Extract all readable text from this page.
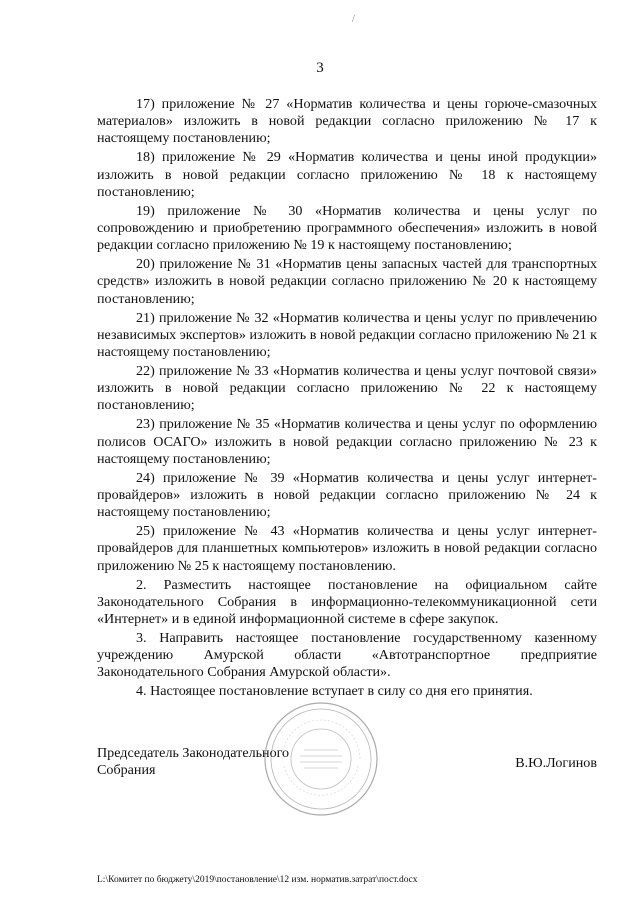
/
3

17) приложение № 27 «Норматив количества и цены горюче-смазочных материалов» изложить в новой редакции согласно приложению № 17 к настоящему постановлению;

18) приложение № 29 «Норматив количества и цены иной продукции» изложить в новой редакции согласно приложению № 18 к настоящему постановлению;

19) приложение № 30 «Норматив количества и цены услуг по сопровождению и приобретению программного обеспечения» изложить в новой редакции согласно приложению № 19 к настоящему постановлению;

20) приложение № 31 «Норматив цены запасных частей для транспортных средств» изложить в новой редакции согласно приложению № 20 к настоящему постановлению;

21) приложение № 32 «Норматив количества и цены услуг по привлечению независимых экспертов» изложить в новой редакции согласно приложению № 21 к настоящему постановлению;

22) приложение № 33 «Норматив количества и цены услуг почтовой связи» изложить в новой редакции согласно приложению № 22 к настоящему постановлению;

23) приложение № 35 «Норматив количества и цены услуг по оформлению полисов ОСАГО» изложить в новой редакции согласно приложению № 23 к настоящему постановлению;

24) приложение № 39 «Норматив количества и цены услуг интернет-провайдеров» изложить в новой редакции согласно приложению № 24 к настоящему постановлению;

25) приложение № 43 «Норматив количества и цены услуг интернет-провайдеров для планшетных компьютеров» изложить в новой редакции согласно приложению № 25 к настоящему постановлению.

2. Разместить настоящее постановление на официальном сайте Законодательного Собрания в информационно-телекоммуникационной сети «Интернет» и в единой информационной системе в сфере закупок.

3. Направить настоящее постановление государственному казенному учреждению Амурской области «Автотранспортное предприятие Законодательного Собрания Амурской области».

4. Настоящее постановление вступает в силу со дня его принятия.

Председатель Законодательного
Собрания	В.Ю.Логинов
L:\Комитет по бюджету\2019\постановление\12 изм. норматив.затрат\пост.docx
